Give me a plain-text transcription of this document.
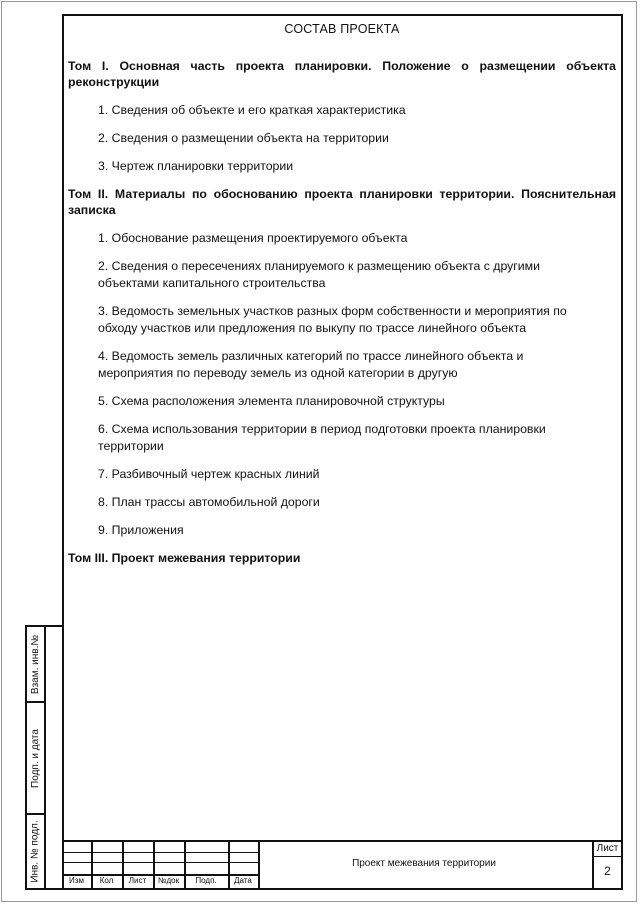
СОСТАВ ПРОЕКТА
Том I. Основная часть проекта планировки. Положение о размещении объекта реконструкции
1. Сведения об объекте и его краткая характеристика
2. Сведения о размещении объекта на территории
3. Чертеж планировки территории
Том II. Материалы по обоснованию проекта планировки территории. Пояснительная записка
1. Обоснование размещения проектируемого объекта
2. Сведения о пересечениях планируемого к размещению объекта с другими объектами капитального строительства
3. Ведомость земельных участков разных форм собственности и мероприятия по обходу участков или предложения по выкупу по трассе линейного объекта
4. Ведомость земель различных категорий по трассе линейного объекта и мероприятия по переводу земель из одной категории в другую
5. Схема расположения элемента планировочной структуры
6. Схема использования территории в период подготовки проекта планировки территории
7. Разбивочный чертеж красных линий
8. План трассы автомобильной дороги
9. Приложения
Том III. Проект межевания территории
Взам. инв.№
Подп. и дата
Инв. № подл.	Изм	Кол	Лист	№док	Подп.	Дата
Проект межевания территории
Лист
2
